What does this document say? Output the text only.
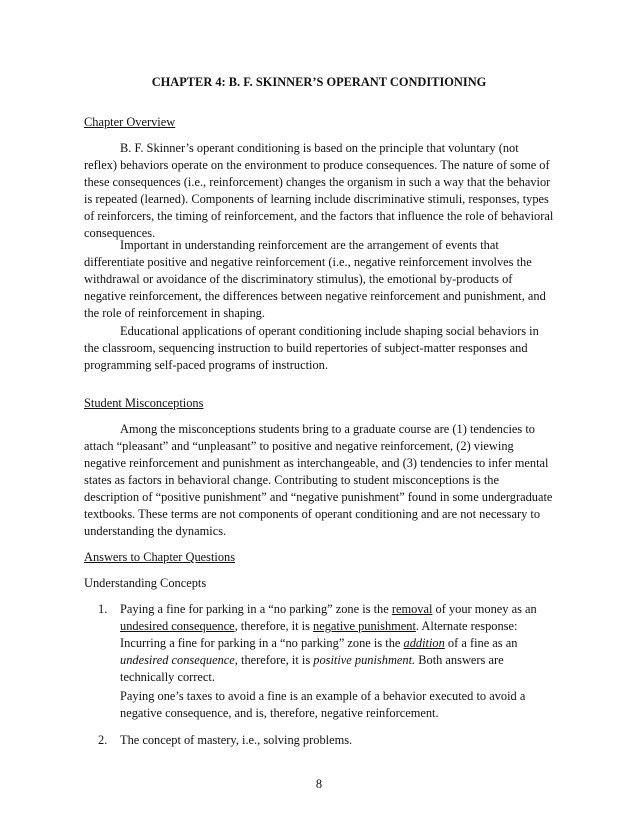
CHAPTER 4: B. F. SKINNER’S OPERANT CONDITIONING
Chapter Overview

B. F. Skinner’s operant conditioning is based on the principle that voluntary (not reflex) behaviors operate on the environment to produce consequences. The nature of some of these consequences (i.e., reinforcement) changes the organism in such a way that the behavior is repeated (learned). Components of learning include discriminative stimuli, responses, types of reinforcers, the timing of reinforcement, and the factors that influence the role of behavioral consequences.

Important in understanding reinforcement are the arrangement of events that differentiate positive and negative reinforcement (i.e., negative reinforcement involves the withdrawal or avoidance of the discriminatory stimulus), the emotional by-products of negative reinforcement, the differences between negative reinforcement and punishment, and the role of reinforcement in shaping.

Educational applications of operant conditioning include shaping social behaviors in the classroom, sequencing instruction to build repertories of subject-matter responses and programming self-paced programs of instruction.

Student Misconceptions

Among the misconceptions students bring to a graduate course are (1) tendencies to attach “pleasant” and “unpleasant” to positive and negative reinforcement, (2) viewing negative reinforcement and punishment as interchangeable, and (3) tendencies to infer mental states as factors in behavioral change. Contributing to student misconceptions is the description of “positive punishment” and “negative punishment” found in some undergraduate textbooks. These terms are not components of operant conditioning and are not necessary to understanding the dynamics.

Answers to Chapter Questions
Understanding Concepts
1. Paying a fine for parking in a “no parking” zone is the removal of your money as an undesired consequence, therefore, it is negative punishment. Alternate response: Incurring a fine for parking in a “no parking” zone is the addition of a fine as an undesired consequence, therefore, it is positive punishment. Both answers are technically correct.
Paying one’s taxes to avoid a fine is an example of a behavior executed to avoid a negative consequence, and is, therefore, negative reinforcement.
2. The concept of mastery, i.e., solving problems.
8
